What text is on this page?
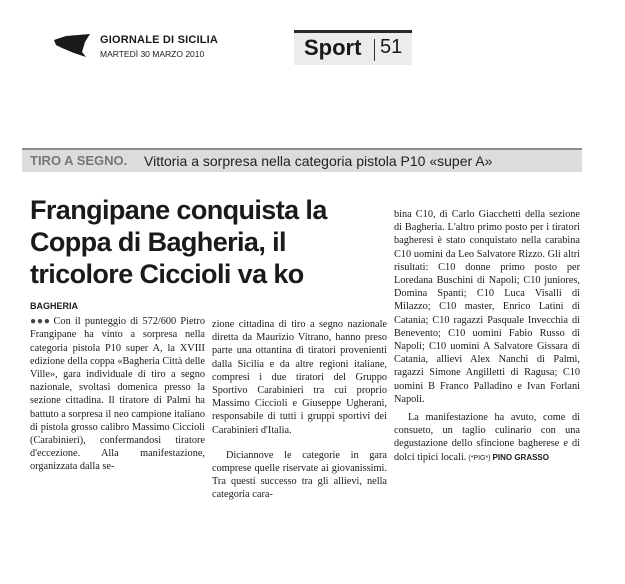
GIORNALE DI SICILIA
MARTEDÌ 30 MARZO 2010	Sport 51
TIRO A SEGNO. Vittoria a sorpresa nella categoria pistola P10 «super A»
Frangipane conquista la Coppa di Bagheria, il tricolore Ciccioli va ko
BAGHERIA

●●● Con il punteggio di 572/600 Pietro Frangipane ha vinto a sorpresa nella categoria pistola P10 super A, la XVIII edizione della coppa «Bagheria Città delle Ville», gara individuale di tiro a segno nazionale, svoltasi domenica presso la sezione cittadina. Il tiratore di Palmi ha battuto a sorpresa il neo campione italiano di pistola grosso calibro Massimo Ciccioli (Carabinieri), confermandosi tiratore d'eccezione. Alla manifestazione, organizzata dalla se-

zione cittadina di tiro a segno nazionale diretta da Maurizio Vitrano, hanno preso parte una ottantina di tiratori provenienti dalla Sicilia e da altre regioni italiane, compresi i due tiratori del Gruppo Sportivo Carabinieri tra cui proprio Massimo Ciccioli e Giuseppe Ugherani, responsabile di tutti i gruppi sportivi dei Carabinieri d'Italia.

Diciannove le categorie in gara comprese quelle riservate ai giovanissimi. Tra questi successo tra gli allievi, nella categoria cara-

bina C10, di Carlo Giacchetti della sezione di Bagheria. L'altro primo posto per i tiratori bagheresi è stato conquistato nella carabina C10 uomini da Leo Salvatore Rizzo. Gli altri risultati: C10 donne primo posto per Loredana Buschini di Napoli; C10 juniores, Domina Spanti; C10 Luca Visalli di Milazzo; C10 master, Enrico Latini di Catania; C10 ragazzi Pasquale Invecchia di Benevento; C10 uomini Fabio Russo di Napoli; C10 uomini A Salvatore Gissara di Catania, allievi Alex Nanchi di Palmi, ragazzi Simone Angilletti di Ragusa; C10 uomini B Franco Palladino e Ivan Forlani Napoli.

La manifestazione ha avuto, come di consueto, un taglio culinario con una degustazione dello sfincione bagherese e di dolci tipici locali. (*PIG*) PINO GRASSO
